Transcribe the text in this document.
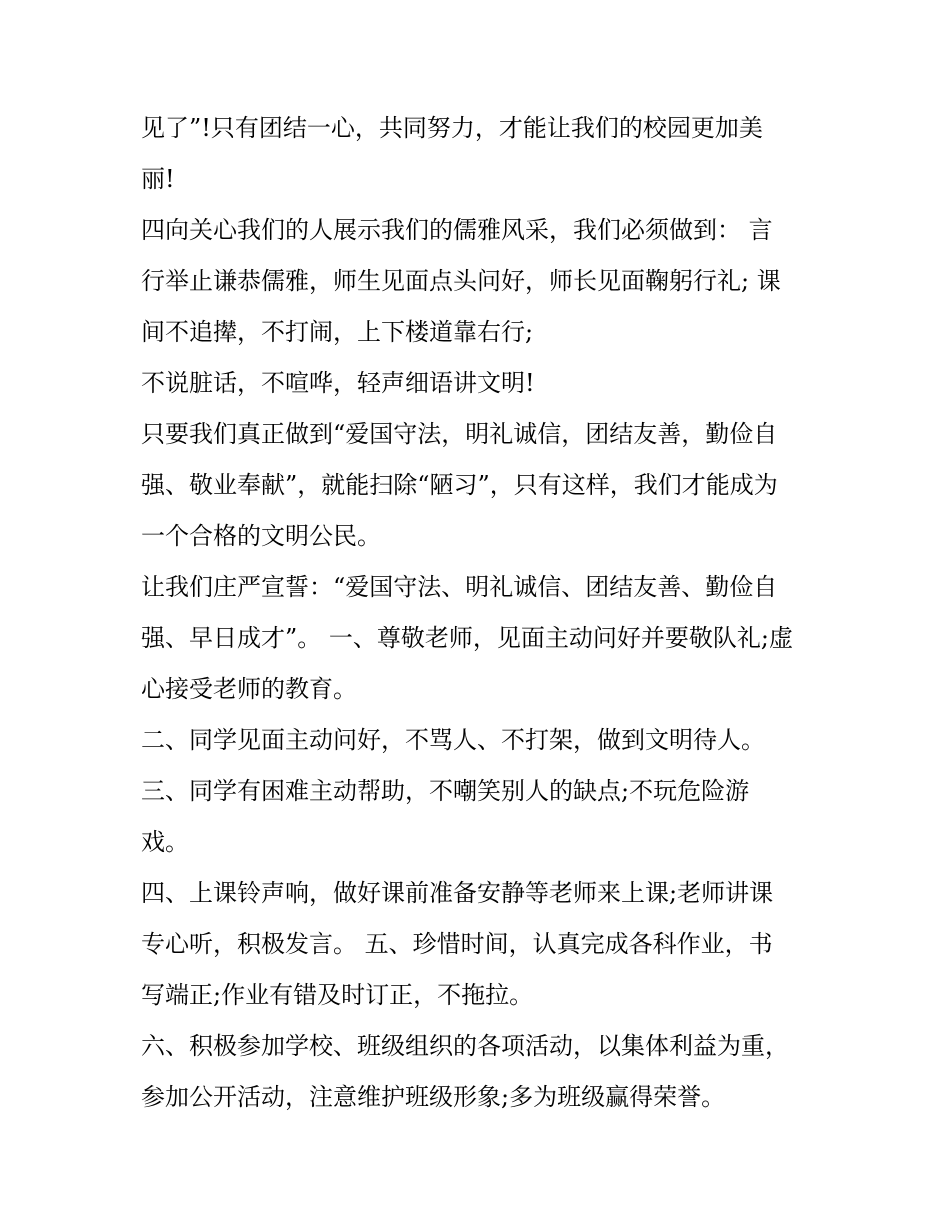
见了”!只有团结一心，共同努力，才能让我们的校园更加美
丽!
四向关心我们的人展示我们的儒雅风采，我们必须做到： 言
行举止谦恭儒雅，师生见面点头问好，师长见面鞠躬行礼; 课
间不追撵，不打闹，上下楼道靠右行;
不说脏话，不喧哗，轻声细语讲文明!
只要我们真正做到“爱国守法，明礼诚信，团结友善，勤俭自
强、敬业奉献”，就能扫除“陋习”，只有这样，我们才能成为
一个合格的文明公民。
让我们庄严宣誓：“爱国守法、明礼诚信、团结友善、勤俭自
强、早日成才”。 一、尊敬老师，见面主动问好并要敬队礼;虚
心接受老师的教育。
二、同学见面主动问好，不骂人、不打架，做到文明待人。
三、同学有困难主动帮助，不嘲笑别人的缺点;不玩危险游
戏。
四、上课铃声响，做好课前准备安静等老师来上课;老师讲课
专心听，积极发言。 五、珍惜时间，认真完成各科作业，书
写端正;作业有错及时订正，不拖拉。
六、积极参加学校、班级组织的各项活动，以集体利益为重，
参加公开活动，注意维护班级形象;多为班级赢得荣誉。
